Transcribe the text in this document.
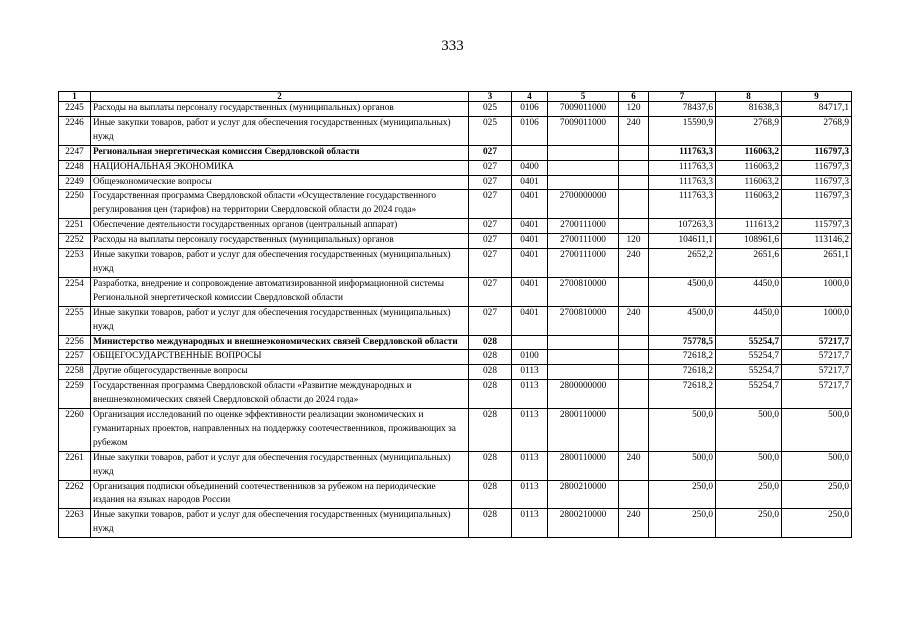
333
1	2	3	4	5	6	7	8	9
2245	Расходы на выплаты персоналу государственных (муниципальных) органов	025	0106	7009011000	120	78437,6	81638,3	84717,1
2246	Иные закупки товаров, работ и услуг для обеспечения государственных (муниципальных) нужд	025	0106	7009011000	240	15590,9	2768,9	2768,9
2247	Региональная энергетическая комиссия Свердловской области	027				111763,3	116063,2	116797,3
2248	НАЦИОНАЛЬНАЯ ЭКОНОМИКА	027	0400			111763,3	116063,2	116797,3
2249	Общеэкономические вопросы	027	0401			111763,3	116063,2	116797,3
2250	Государственная программа Свердловской области «Осуществление государственного регулирования цен (тарифов) на территории Свердловской области до 2024 года»	027	0401	2700000000		111763,3	116063,2	116797,3
2251	Обеспечение деятельности государственных органов (центральный аппарат)	027	0401	2700111000		107263,3	111613,2	115797,3
2252	Расходы на выплаты персоналу государственных (муниципальных) органов	027	0401	2700111000	120	104611,1	108961,6	113146,2
2253	Иные закупки товаров, работ и услуг для обеспечения государственных (муниципальных) нужд	027	0401	2700111000	240	2652,2	2651,6	2651,1
2254	Разработка, внедрение и сопровождение автоматизированной информационной системы Региональной энергетической комиссии Свердловской области	027	0401	2700810000		4500,0	4450,0	1000,0
2255	Иные закупки товаров, работ и услуг для обеспечения государственных (муниципальных) нужд	027	0401	2700810000	240	4500,0	4450,0	1000,0
2256	Министерство международных и внешнеэкономических связей Свердловской области	028				75778,5	55254,7	57217,7
2257	ОБЩЕГОСУДАРСТВЕННЫЕ ВОПРОСЫ	028	0100			72618,2	55254,7	57217,7
2258	Другие общегосударственные вопросы	028	0113			72618,2	55254,7	57217,7
2259	Государственная программа Свердловской области «Развитие международных и внешнеэкономических связей Свердловской области до 2024 года»	028	0113	2800000000		72618,2	55254,7	57217,7
2260	Организация исследований по оценке эффективности реализации экономических и гуманитарных проектов, направленных на поддержку соотечественников, проживающих за рубежом	028	0113	2800110000		500,0	500,0	500,0
2261	Иные закупки товаров, работ и услуг для обеспечения государственных (муниципальных) нужд	028	0113	2800110000	240	500,0	500,0	500,0
2262	Организация подписки объединений соотечественников за рубежом на периодические издания на языках народов России	028	0113	2800210000		250,0	250,0	250,0
2263	Иные закупки товаров, работ и услуг для обеспечения государственных (муниципальных) нужд	028	0113	2800210000	240	250,0	250,0	250,0
